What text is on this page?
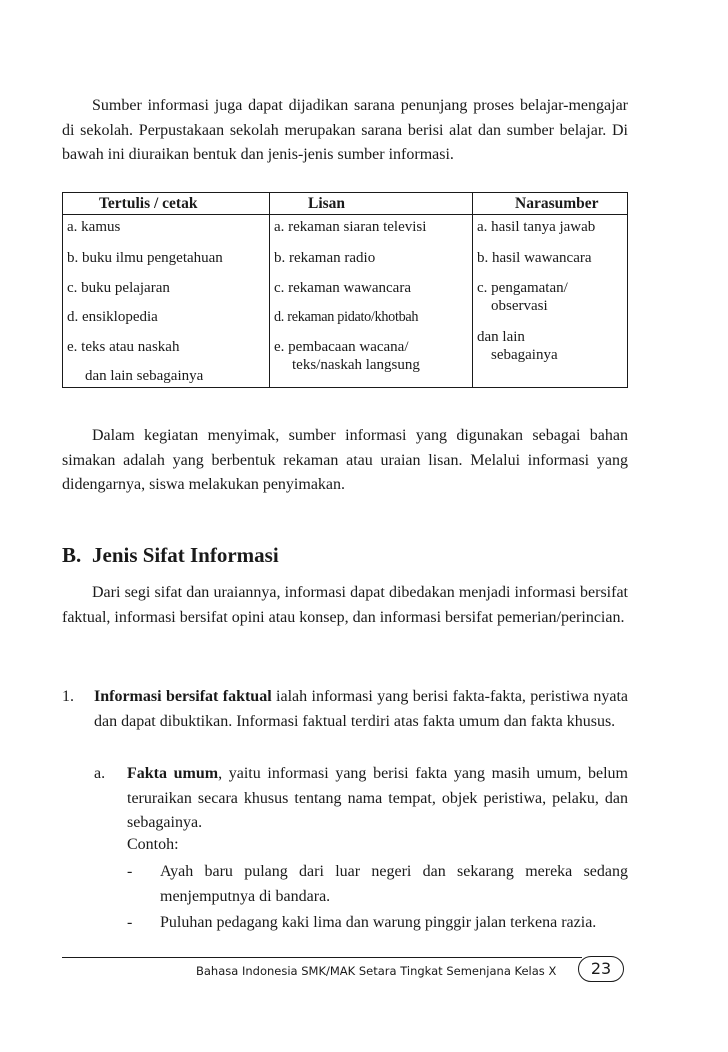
Sumber informasi juga dapat dijadikan sarana penunjang proses belajar-mengajar di sekolah. Perpustakaan sekolah merupakan sarana berisi alat dan sumber belajar. Di bawah ini diuraikan bentuk dan jenis-jenis sumber informasi.

Tertulis / cetak
a. kamus
b. buku ilmu pengetahuan
c. buku pelajaran
d. ensiklopedia
e. teks atau naskah
dan lain sebagainya
Lisan
a. rekaman siaran televisi
b. rekaman radio
c. rekaman wawancara
d. rekaman pidato/khotbah
e. pembacaan wacana/
teks/naskah langsung
Narasumber
a. hasil tanya jawab
b. hasil wawancara
c. pengamatan/
observasi
dan lain
sebagainya

Dalam kegiatan menyimak, sumber informasi yang digunakan sebagai bahan simakan adalah yang berbentuk rekaman atau uraian lisan. Melalui informasi yang didengarnya, siswa melakukan penyimakan.

B. Jenis Sifat Informasi

Dari segi sifat dan uraiannya, informasi dapat dibedakan menjadi informasi bersifat faktual, informasi bersifat opini atau konsep, dan informasi bersifat pemerian/perincian.

1. Informasi bersifat faktual ialah informasi yang berisi fakta-fakta, peristiwa nyata dan dapat dibuktikan. Informasi faktual terdiri atas fakta umum dan fakta khusus.

a. Fakta umum, yaitu informasi yang berisi fakta yang masih umum, belum teruraikan secara khusus tentang nama tempat, objek peristiwa, pelaku, dan sebagainya.

Contoh:
- Ayah baru pulang dari luar negeri dan sekarang mereka sedang menjemputnya di bandara.

- Puluhan pedagang kaki lima dan warung pinggir jalan terkena razia.

Bahasa Indonesia SMK/MAK Setara Tingkat Semenjana Kelas X	23
